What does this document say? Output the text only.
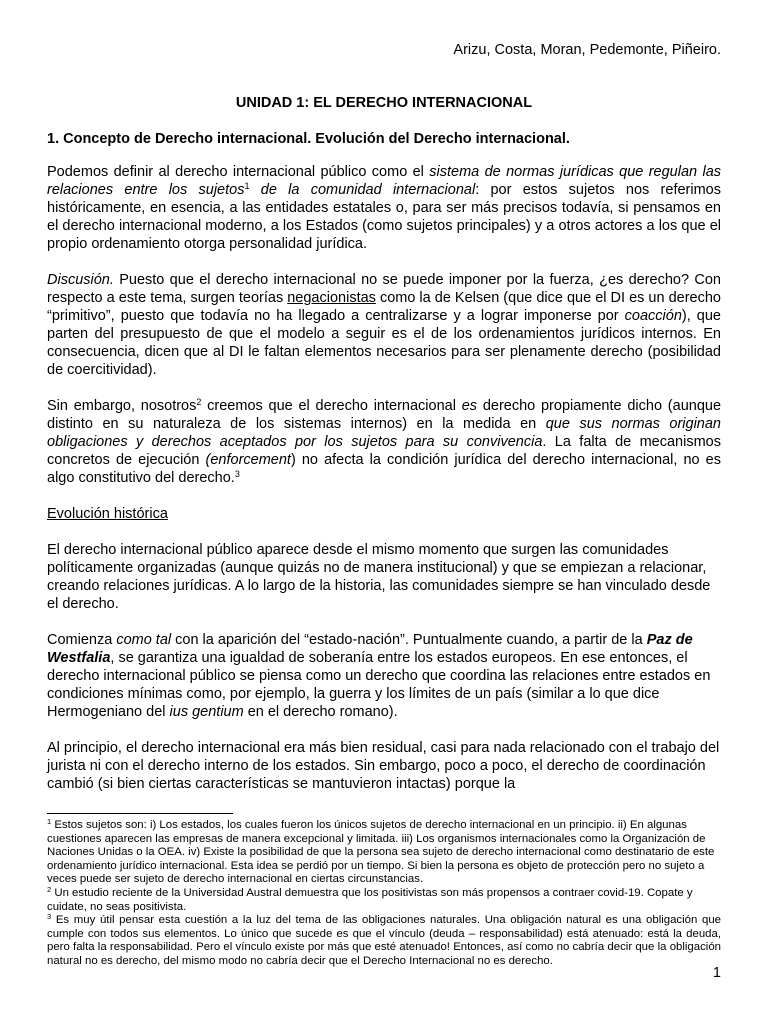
Arizu, Costa, Moran, Pedemonte, Piñeiro.
UNIDAD 1: EL DERECHO INTERNACIONAL
1. Concepto de Derecho internacional. Evolución del Derecho internacional.

Podemos definir al derecho internacional público como el sistema de normas jurídicas que regulan las relaciones entre los sujetos$^1$ de la comunidad internacional: por estos sujetos nos referimos históricamente, en esencia, a las entidades estatales o, para ser más precisos todavía, si pensamos en el derecho internacional moderno, a los Estados (como sujetos principales) y a otros actores a los que el propio ordenamiento otorga personalidad jurídica.

Discusión. Puesto que el derecho internacional no se puede imponer por la fuerza, ¿es derecho? Con respecto a este tema, surgen teorías negacionistas como la de Kelsen (que dice que el DI es un derecho “primitivo”, puesto que todavía no ha llegado a centralizarse y a lograr imponerse por coacción), que parten del presupuesto de que el modelo a seguir es el de los ordenamientos jurídicos internos. En consecuencia, dicen que al DI le faltan elementos necesarios para ser plenamente derecho (posibilidad de coercitividad).

Sin embargo, nosotros$^2$ creemos que el derecho internacional es derecho propiamente dicho (aunque distinto en su naturaleza de los sistemas internos) en la medida en que sus normas originan obligaciones y derechos aceptados por los sujetos para su convivencia. La falta de mecanismos concretos de ejecución (enforcement) no afecta la condición jurídica del derecho internacional, no es algo constitutivo del derecho.$^3$

Evolución histórica

El derecho internacional público aparece desde el mismo momento que surgen las comunidades políticamente organizadas (aunque quizás no de manera institucional) y que se empiezan a relacionar, creando relaciones jurídicas. A lo largo de la historia, las comunidades siempre se han vinculado desde el derecho.

Comienza como tal con la aparición del “estado-nación”. Puntualmente cuando, a partir de la Paz de Westfalia, se garantiza una igualdad de soberanía entre los estados europeos. En ese entonces, el derecho internacional público se piensa como un derecho que coordina las relaciones entre estados en condiciones mínimas como, por ejemplo, la guerra y los límites de un país (similar a lo que dice Hermogeniano del ius gentium en el derecho romano).

Al principio, el derecho internacional era más bien residual, casi para nada relacionado con el trabajo del jurista ni con el derecho interno de los estados. Sin embargo, poco a poco, el derecho de coordinación cambió (si bien ciertas características se mantuvieron intactas) porque la

$^1$ Estos sujetos son: i) Los estados, los cuales fueron los únicos sujetos de derecho internacional en un principio. ii) En algunas cuestiones aparecen las empresas de manera excepcional y limitada. iii) Los organismos internacionales como la Organización de Naciones Unidas o la OEA. iv) Existe la posibilidad de que la persona sea sujeto de derecho internacional como destinatario de este ordenamiento jurídico internacional. Esta idea se perdió por un tiempo. Si bien la persona es objeto de protección pero no sujeto a veces puede ser sujeto de derecho internacional en ciertas circunstancias.
$^2$ Un estudio reciente de la Universidad Austral demuestra que los positivistas son más propensos a contraer covid-19. Copate y cuidate, no seas positivista.
$^3$ Es muy útil pensar esta cuestión a la luz del tema de las obligaciones naturales. Una obligación natural es una obligación que cumple con todos sus elementos. Lo único que sucede es que el vínculo (deuda – responsabilidad) está atenuado: está la deuda, pero falta la responsabilidad. Pero el vínculo existe por más que esté atenuado! Entonces, así como no cabría decir que la obligación natural no es derecho, del mismo modo no cabría decir que el Derecho Internacional no es derecho.
1
